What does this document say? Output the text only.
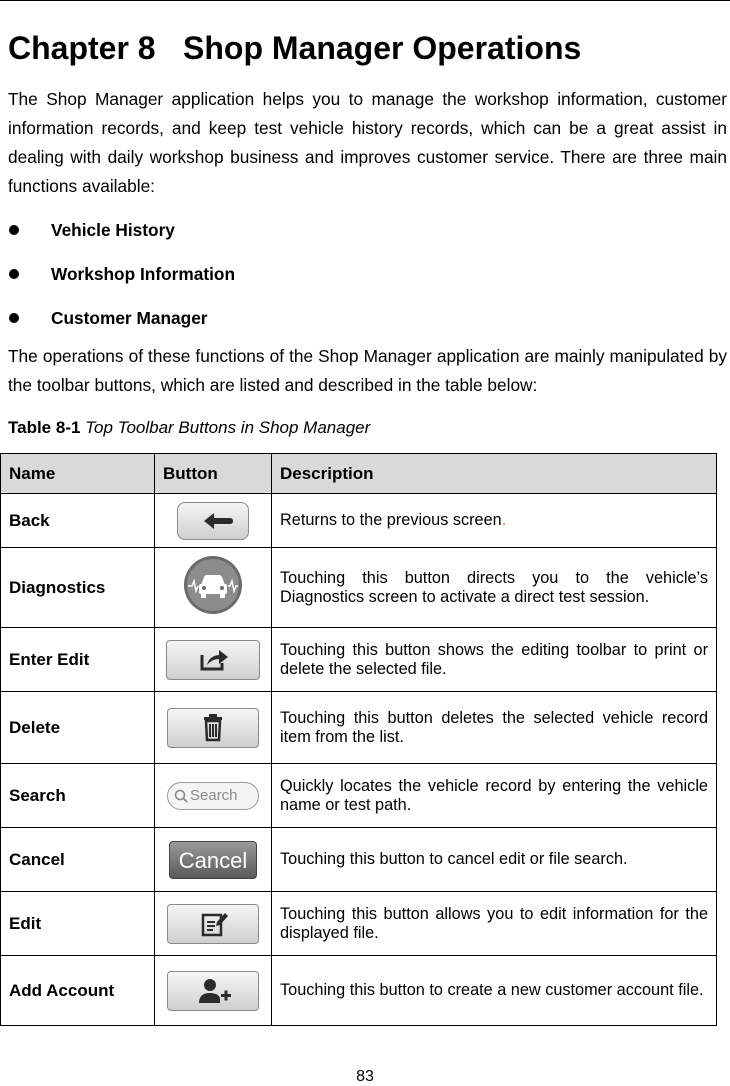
Chapter 8 Shop Manager Operations

The Shop Manager application helps you to manage the workshop information, customer information records, and keep test vehicle history records, which can be a great assist in dealing with daily workshop business and improves customer service. There are three main functions available:

Vehicle History
Workshop Information
Customer Manager

The operations of these functions of the Shop Manager application are mainly manipulated by the toolbar buttons, which are listed and described in the table below:

Table 8-1 Top Toolbar Buttons in Shop Manager

Name	Button	Description
Back		Returns to the previous screen.
Diagnostics		Touching this button directs you to the vehicle’s Diagnostics screen to activate a direct test session.
Enter Edit		Touching this button shows the editing toolbar to print or delete the selected file.
Delete		Touching this button deletes the selected vehicle record item from the list.
Search	Search	Quickly locates the vehicle record by entering the vehicle name or test path.
Cancel	Cancel	Touching this button to cancel edit or file search.
Edit		Touching this button allows you to edit information for the displayed file.
Add Account		Touching this button to create a new customer account file.
83
